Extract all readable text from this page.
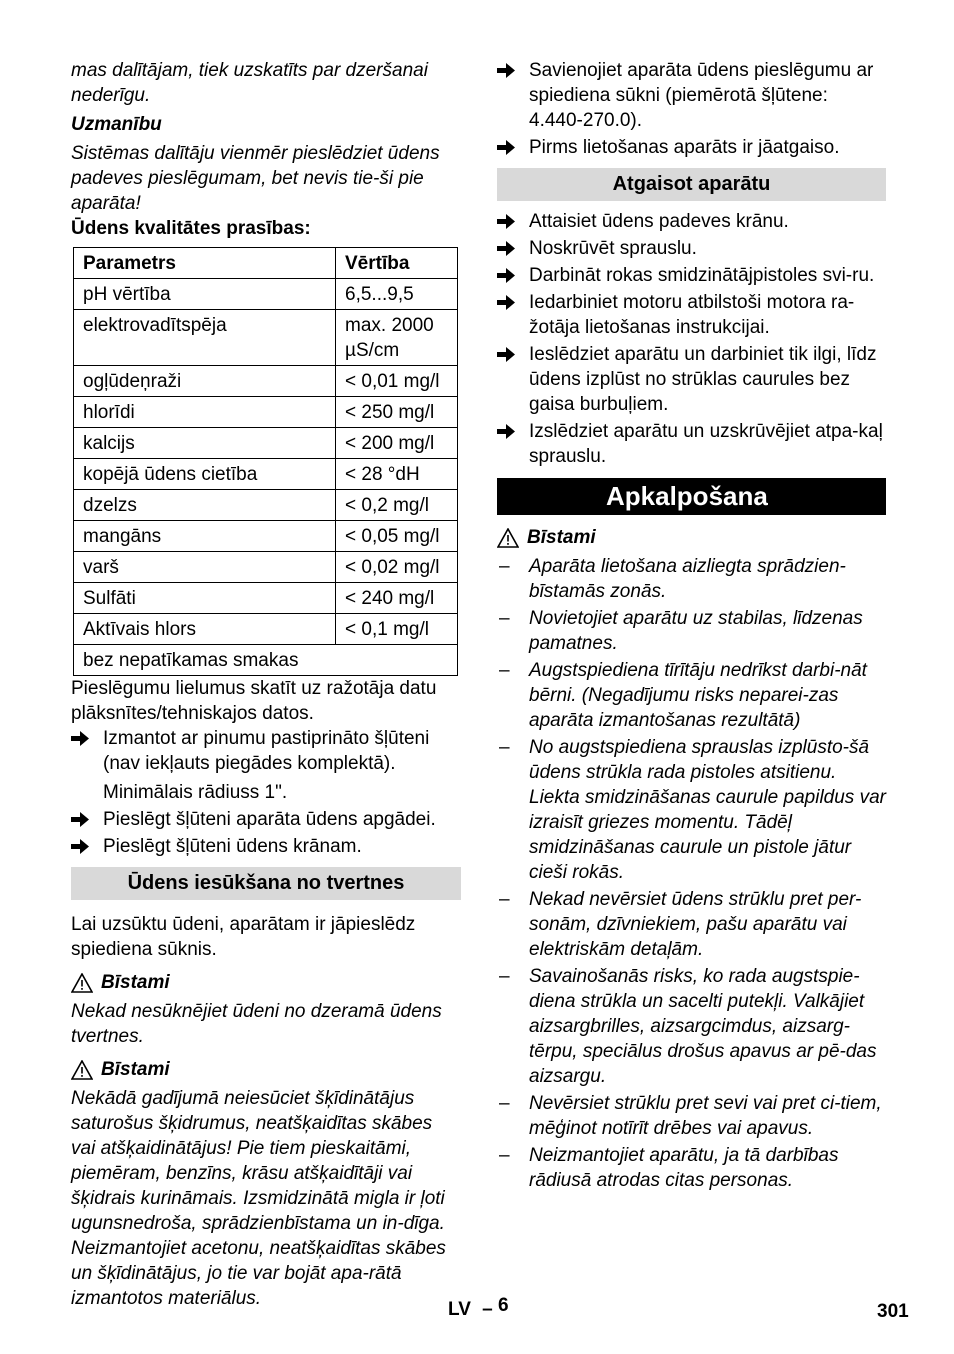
mas dalītājam, tiek uzskatīts par dzeršanai nederīgu.

Uzmanību

Sistēmas dalītāju vienmēr pieslēdziet ūdens padeves pieslēgumam, bet nevis tie-ši pie aparāta!

Ūdens kvalitātes prasības:

Parametrs	Vērtība
pH vērtība	6,5...9,5
elektrovadītspēja	max. 2000 µS/cm
ogļūdeņraži	< 0,01 mg/l
hlorīdi	< 250 mg/l
kalcijs	< 200 mg/l
kopējā ūdens cietība	< 28 °dH
dzelzs	< 0,2 mg/l
mangāns	< 0,05 mg/l
varš	< 0,02 mg/l
Sulfāti	< 240 mg/l
Aktīvais hlors	< 0,1 mg/l
bez nepatīkamas smakas	

Pieslēgumu lielumus skatīt uz ražotāja datu plāksnītes/tehniskajos datos.

Izmantot ar pinumu pastiprināto šļūteni (nav iekļauts piegādes komplektā).

Minimālais rādiuss 1".

Pieslēgt šļūteni aparāta ūdens apgādei.
Pieslēgt šļūteni ūdens krānam.
Ūdens iesūkšana no tvertnes

Lai uzsūktu ūdeni, aparātam ir jāpieslēdz spiediena sūknis.

Bīstami

Nekad nesūknējiet ūdeni no dzeramā ūdens tvertnes.

Bīstami

Nekādā gadījumā neiesūciet šķīdinātājus saturošus šķidrumus, neatšķaidītas skābes vai atšķaidinātājus! Pie tiem pieskaitāmi, piemēram, benzīns, krāsu atšķaidītāji vai šķidrais kurināmais. Izsmidzinātā migla ir ļoti ugunsnedroša, sprādzienbīstama un in-dīga. Neizmantojiet acetonu, neatšķaidītas skābes un šķīdinātājus, jo tie var bojāt apa-rātā izmantotos materiālus.

Savienojiet aparāta ūdens pieslēgumu ar spiediena sūkni (piemērotā šļūtene: 4.440-270.0).
Pirms lietošanas aparāts ir jāatgaiso.
Atgaisot aparātu
Attaisiet ūdens padeves krānu.
Noskrūvēt sprauslu.
Darbināt rokas smidzinātājpistoles svi-ru.
Iedarbiniet motoru atbilstoši motora ra-žotāja lietošanas instrukcijai.
Ieslēdziet aparātu un darbiniet tik ilgi, līdz ūdens izplūst no strūklas caurules bez gaisa burbuļiem.
Izslēdziet aparātu un uzskrūvējiet atpa-kaļ sprauslu.
Apkalpošana
Bīstami
– Aparāta lietošana aizliegta sprādzien-bīstamās zonās.
– Novietojiet aparātu uz stabilas, līdzenas pamatnes.
– Augstspiediena tīrītāju nedrīkst darbi-nāt bērni. (Negadījumu risks neparei-zas aparāta izmantošanas rezultātā)
– No augstspiediena sprauslas izplūsto-šā ūdens strūkla rada pistoles atsitienu. Liekta smidzināšanas caurule papildus var izraisīt griezes momentu. Tādēļ smidzināšanas caurule un pistole jātur cieši rokās.
– Nekad nevērsiet ūdens strūklu pret per-sonām, dzīvniekiem, pašu aparātu vai elektriskām detaļām.
– Savainošanās risks, ko rada augstspie-diena strūkla un sacelti putekļi. Valkājiet aizsargbrilles, aizsargcimdus, aizsarg-tērpu, speciālus drošus apavus ar pē-das aizsargu.
– Nevērsiet strūklu pret sevi vai pret ci-tiem, mēģinot notīrīt drēbes vai apavus.
– Neizmantojiet aparātu, ja tā darbības rādiusā atrodas citas personas.
LV – 6	301
